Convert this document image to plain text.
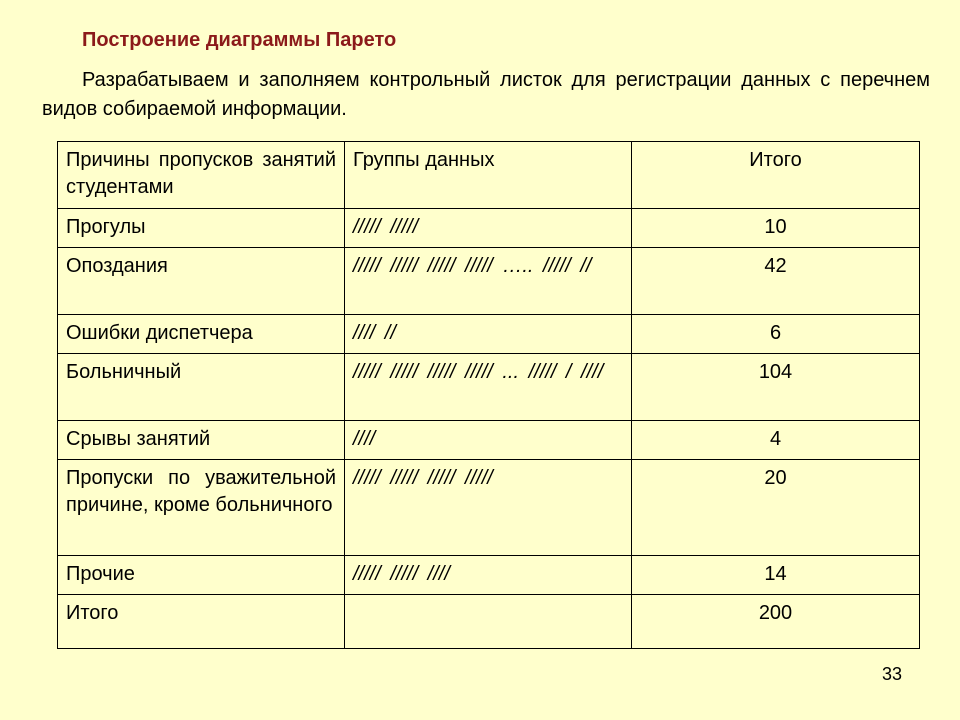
Построение диаграммы Парето

Разрабатываем и заполняем контрольный листок для регистрации данных с перечнем видов собираемой информации.

Причины пропусков занятий студентами	Группы данных	Итого
Прогулы	///// /////	10
Опоздания	///// ///// ///// ///// ….. ///// //	42
Ошибки диспетчера	//// //	6
Больничный	///// ///// ///// ///// ... ///// / ////	104
Срывы занятий	////	4
Пропуски по уважительной причине, кроме больничного	///// ///// ///// /////	20
Прочие	///// ///// ////	14
Итого		200
33
